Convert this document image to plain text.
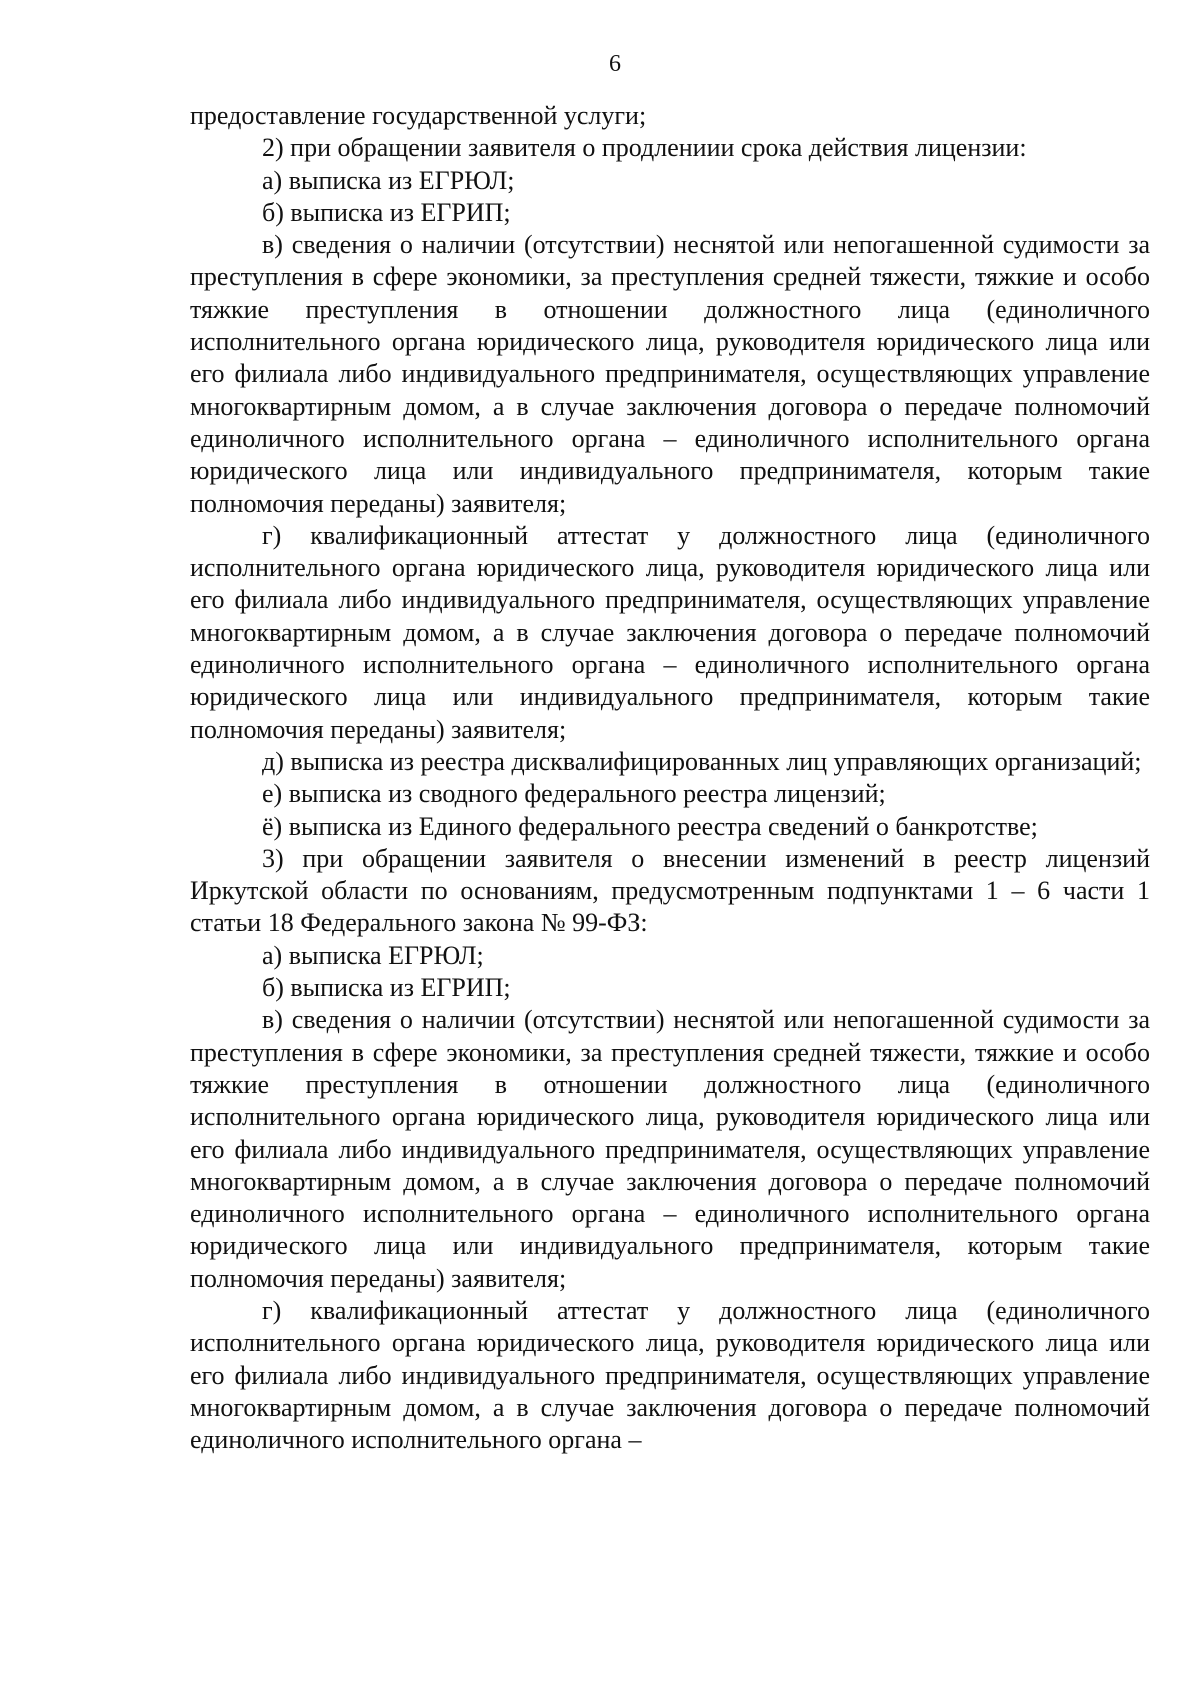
6

предоставление государственной услуги;

2) при обращении заявителя о продлениии срока действия лицензии:

а) выписка из ЕГРЮЛ;

б) выписка из ЕГРИП;

в) сведения о наличии (отсутствии) неснятой или непогашенной судимости за преступления в сфере экономики, за преступления средней тяжести, тяжкие и особо тяжкие преступления в отношении должностного лица (единоличного исполнительного органа юридического лица, руководителя юридического лица или его филиала либо индивидуального предпринимателя, осуществляющих управление многоквартирным домом, а в случае заключения договора о передаче полномочий единоличного исполнительного органа – единоличного исполнительного органа юридического лица или индивидуального предпринимателя, которым такие полномочия переданы) заявителя;

г) квалификационный аттестат у должностного лица (единоличного исполнительного органа юридического лица, руководителя юридического лица или его филиала либо индивидуального предпринимателя, осуществляющих управление многоквартирным домом, а в случае заключения договора о передаче полномочий единоличного исполнительного органа – единоличного исполнительного органа юридического лица или индивидуального предпринимателя, которым такие полномочия переданы) заявителя;

д) выписка из реестра дисквалифицированных лиц управляющих организаций;

е) выписка из сводного федерального реестра лицензий;

ё) выписка из Единого федерального реестра сведений о банкротстве;

3) при обращении заявителя о внесении изменений в реестр лицензий Иркутской области по основаниям, предусмотренным подпунктами 1 – 6 части 1 статьи 18 Федерального закона № 99-ФЗ:

а) выписка ЕГРЮЛ;

б) выписка из ЕГРИП;

в) сведения о наличии (отсутствии) неснятой или непогашенной судимости за преступления в сфере экономики, за преступления средней тяжести, тяжкие и особо тяжкие преступления в отношении должностного лица (единоличного исполнительного органа юридического лица, руководителя юридического лица или его филиала либо индивидуального предпринимателя, осуществляющих управление многоквартирным домом, а в случае заключения договора о передаче полномочий единоличного исполнительного органа – единоличного исполнительного органа юридического лица или индивидуального предпринимателя, которым такие полномочия переданы) заявителя;

г) квалификационный аттестат у должностного лица (единоличного исполнительного органа юридического лица, руководителя юридического лица или его филиала либо индивидуального предпринимателя, осуществляющих управление многоквартирным домом, а в случае заключения договора о передаче полномочий единоличного исполнительного органа –
